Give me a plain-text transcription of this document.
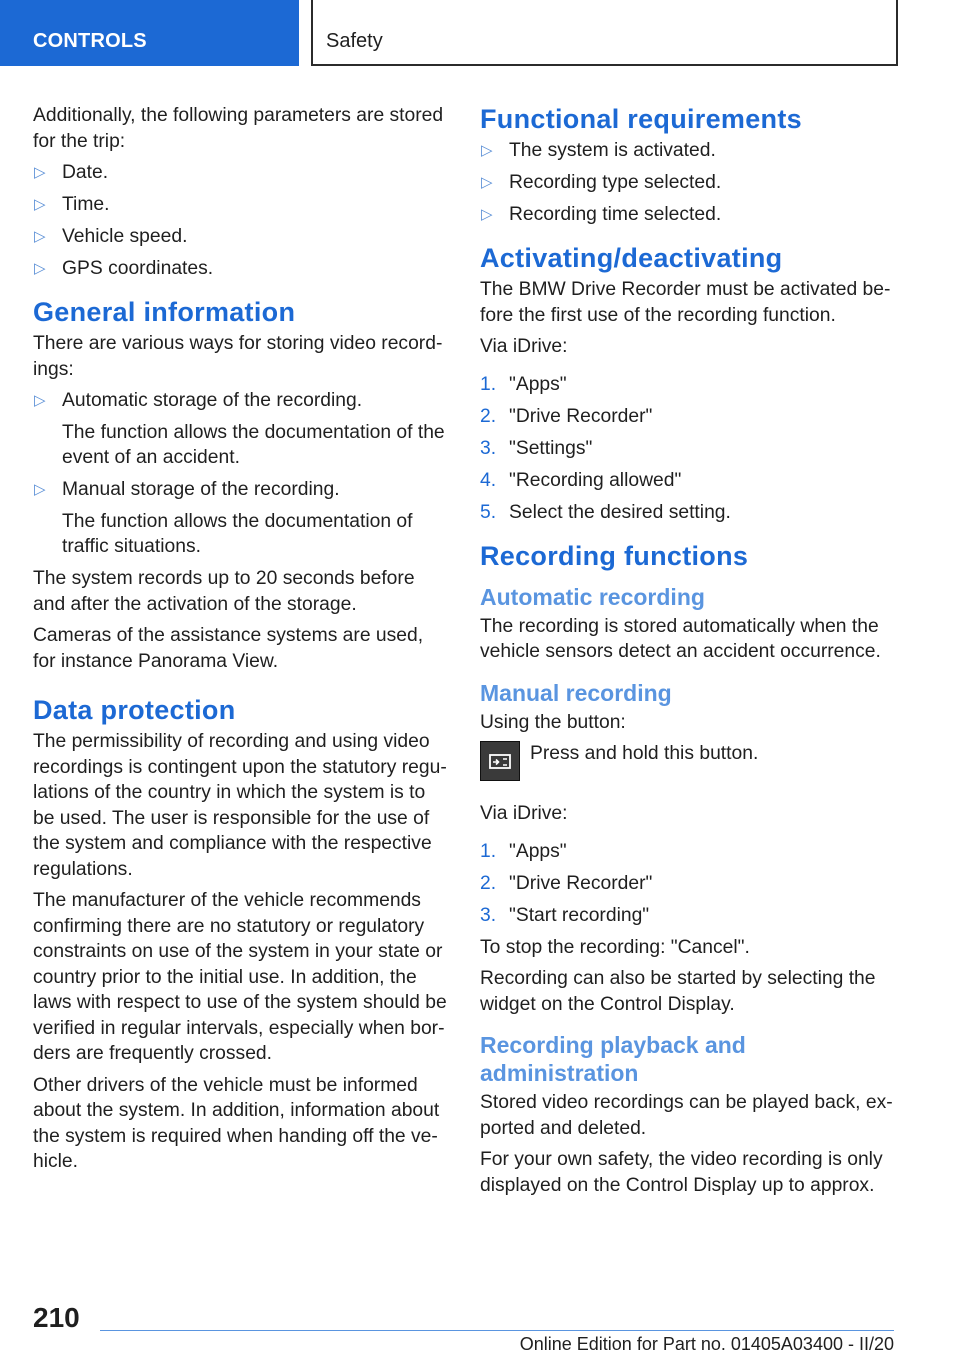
CONTROLS	Safety

Additionally, the following parameters are stored for the trip:

▷ Date.
▷ Time.
▷ Vehicle speed.
▷ GPS coordinates.
General information

There are various ways for storing video recordings:

▷ Automatic storage of the recording.
The function allows the documentation of the event of an accident.
▷ Manual storage of the recording.
The function allows the documentation of traffic situations.

The system records up to 20 seconds before and after the activation of the storage.

Cameras of the assistance systems are used, for instance Panorama View.

Data protection

The permissibility of recording and using video recordings is contingent upon the statutory regulations of the country in which the system is to be used. The user is responsible for the use of the system and compliance with the respective regulations.

The manufacturer of the vehicle recommends confirming there are no statutory or regulatory constraints on use of the system in your state or country prior to the initial use. In addition, the laws with respect to use of the system should be verified in regular intervals, especially when borders are frequently crossed.

Other drivers of the vehicle must be informed about the system. In addition, information about the system is required when handing off the vehicle.

Functional requirements
▷ The system is activated.
▷ Recording type selected.
▷ Recording time selected.
Activating/deactivating

The BMW Drive Recorder must be activated before the first use of the recording function.

Via iDrive:

1. "Apps"
2. "Drive Recorder"
3. "Settings"
4. "Recording allowed"
5. Select the desired setting.
Recording functions
Automatic recording

The recording is stored automatically when the vehicle sensors detect an accident occurrence.

Manual recording

Using the button:

Press and hold this button.

Via iDrive:

1. "Apps"
2. "Drive Recorder"
3. "Start recording"

To stop the recording: "Cancel".

Recording can also be started by selecting the widget on the Control Display.

Recording playback and administration

Stored video recordings can be played back, exported and deleted.

For your own safety, the video recording is only displayed on the Control Display up to approx.

210
Online Edition for Part no. 01405A03400 - II/20
